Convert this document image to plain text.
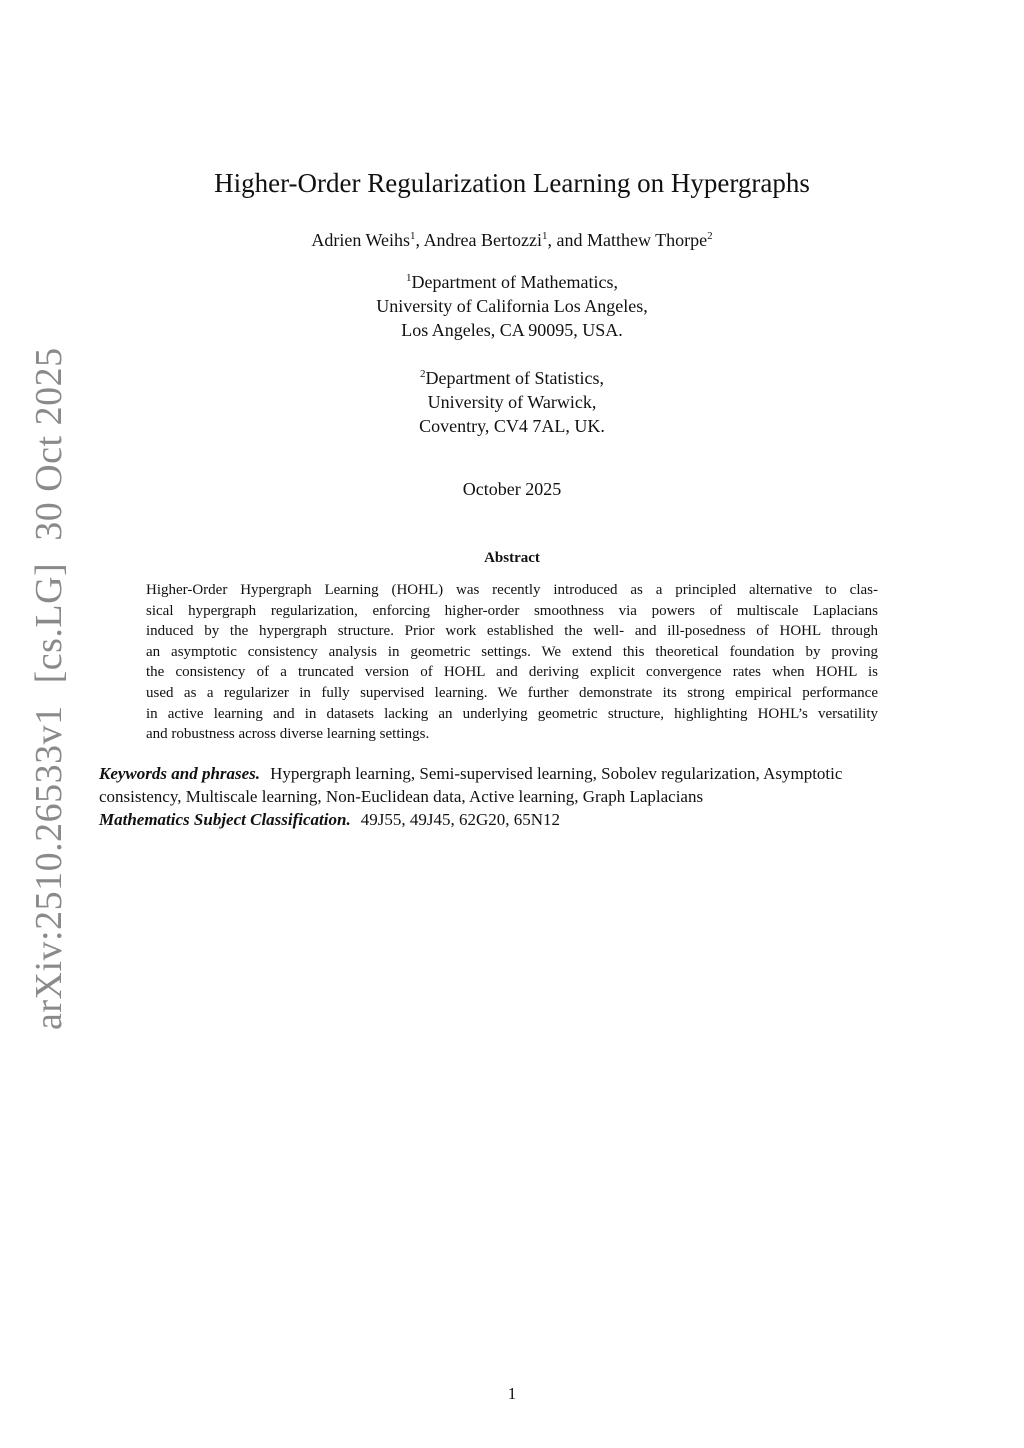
arXiv:2510.26533v1[cs.LG]30 Oct 2025
Higher-Order Regularization Learning on Hypergraphs
Adrien Weihs$^1$, Andrea Bertozzi$^1$, and Matthew Thorpe$^2$
$^1$Department of Mathematics,
University of California Los Angeles,
Los Angeles, CA 90095, USA.
$^2$Department of Statistics,
University of Warwick,
Coventry, CV4 7AL, UK.
October 2025
Abstract
Higher-Order Hypergraph Learning (HOHL) was recently introduced as a principled alternative to clas-
sical hypergraph regularization, enforcing higher-order smoothness via powers of multiscale Laplacians
induced by the hypergraph structure. Prior work established the well- and ill-posedness of HOHL through
an asymptotic consistency analysis in geometric settings. We extend this theoretical foundation by proving
the consistency of a truncated version of HOHL and deriving explicit convergence rates when HOHL is
used as a regularizer in fully supervised learning. We further demonstrate its strong empirical performance
in active learning and in datasets lacking an underlying geometric structure, highlighting HOHL’s versatility
and robustness across diverse learning settings.
Keywords and phrases. Hypergraph learning, Semi-supervised learning, Sobolev regularization, Asymptotic
consistency, Multiscale learning, Non-Euclidean data, Active learning, Graph Laplacians
Mathematics Subject Classification. 49J55, 49J45, 62G20, 65N12
1
